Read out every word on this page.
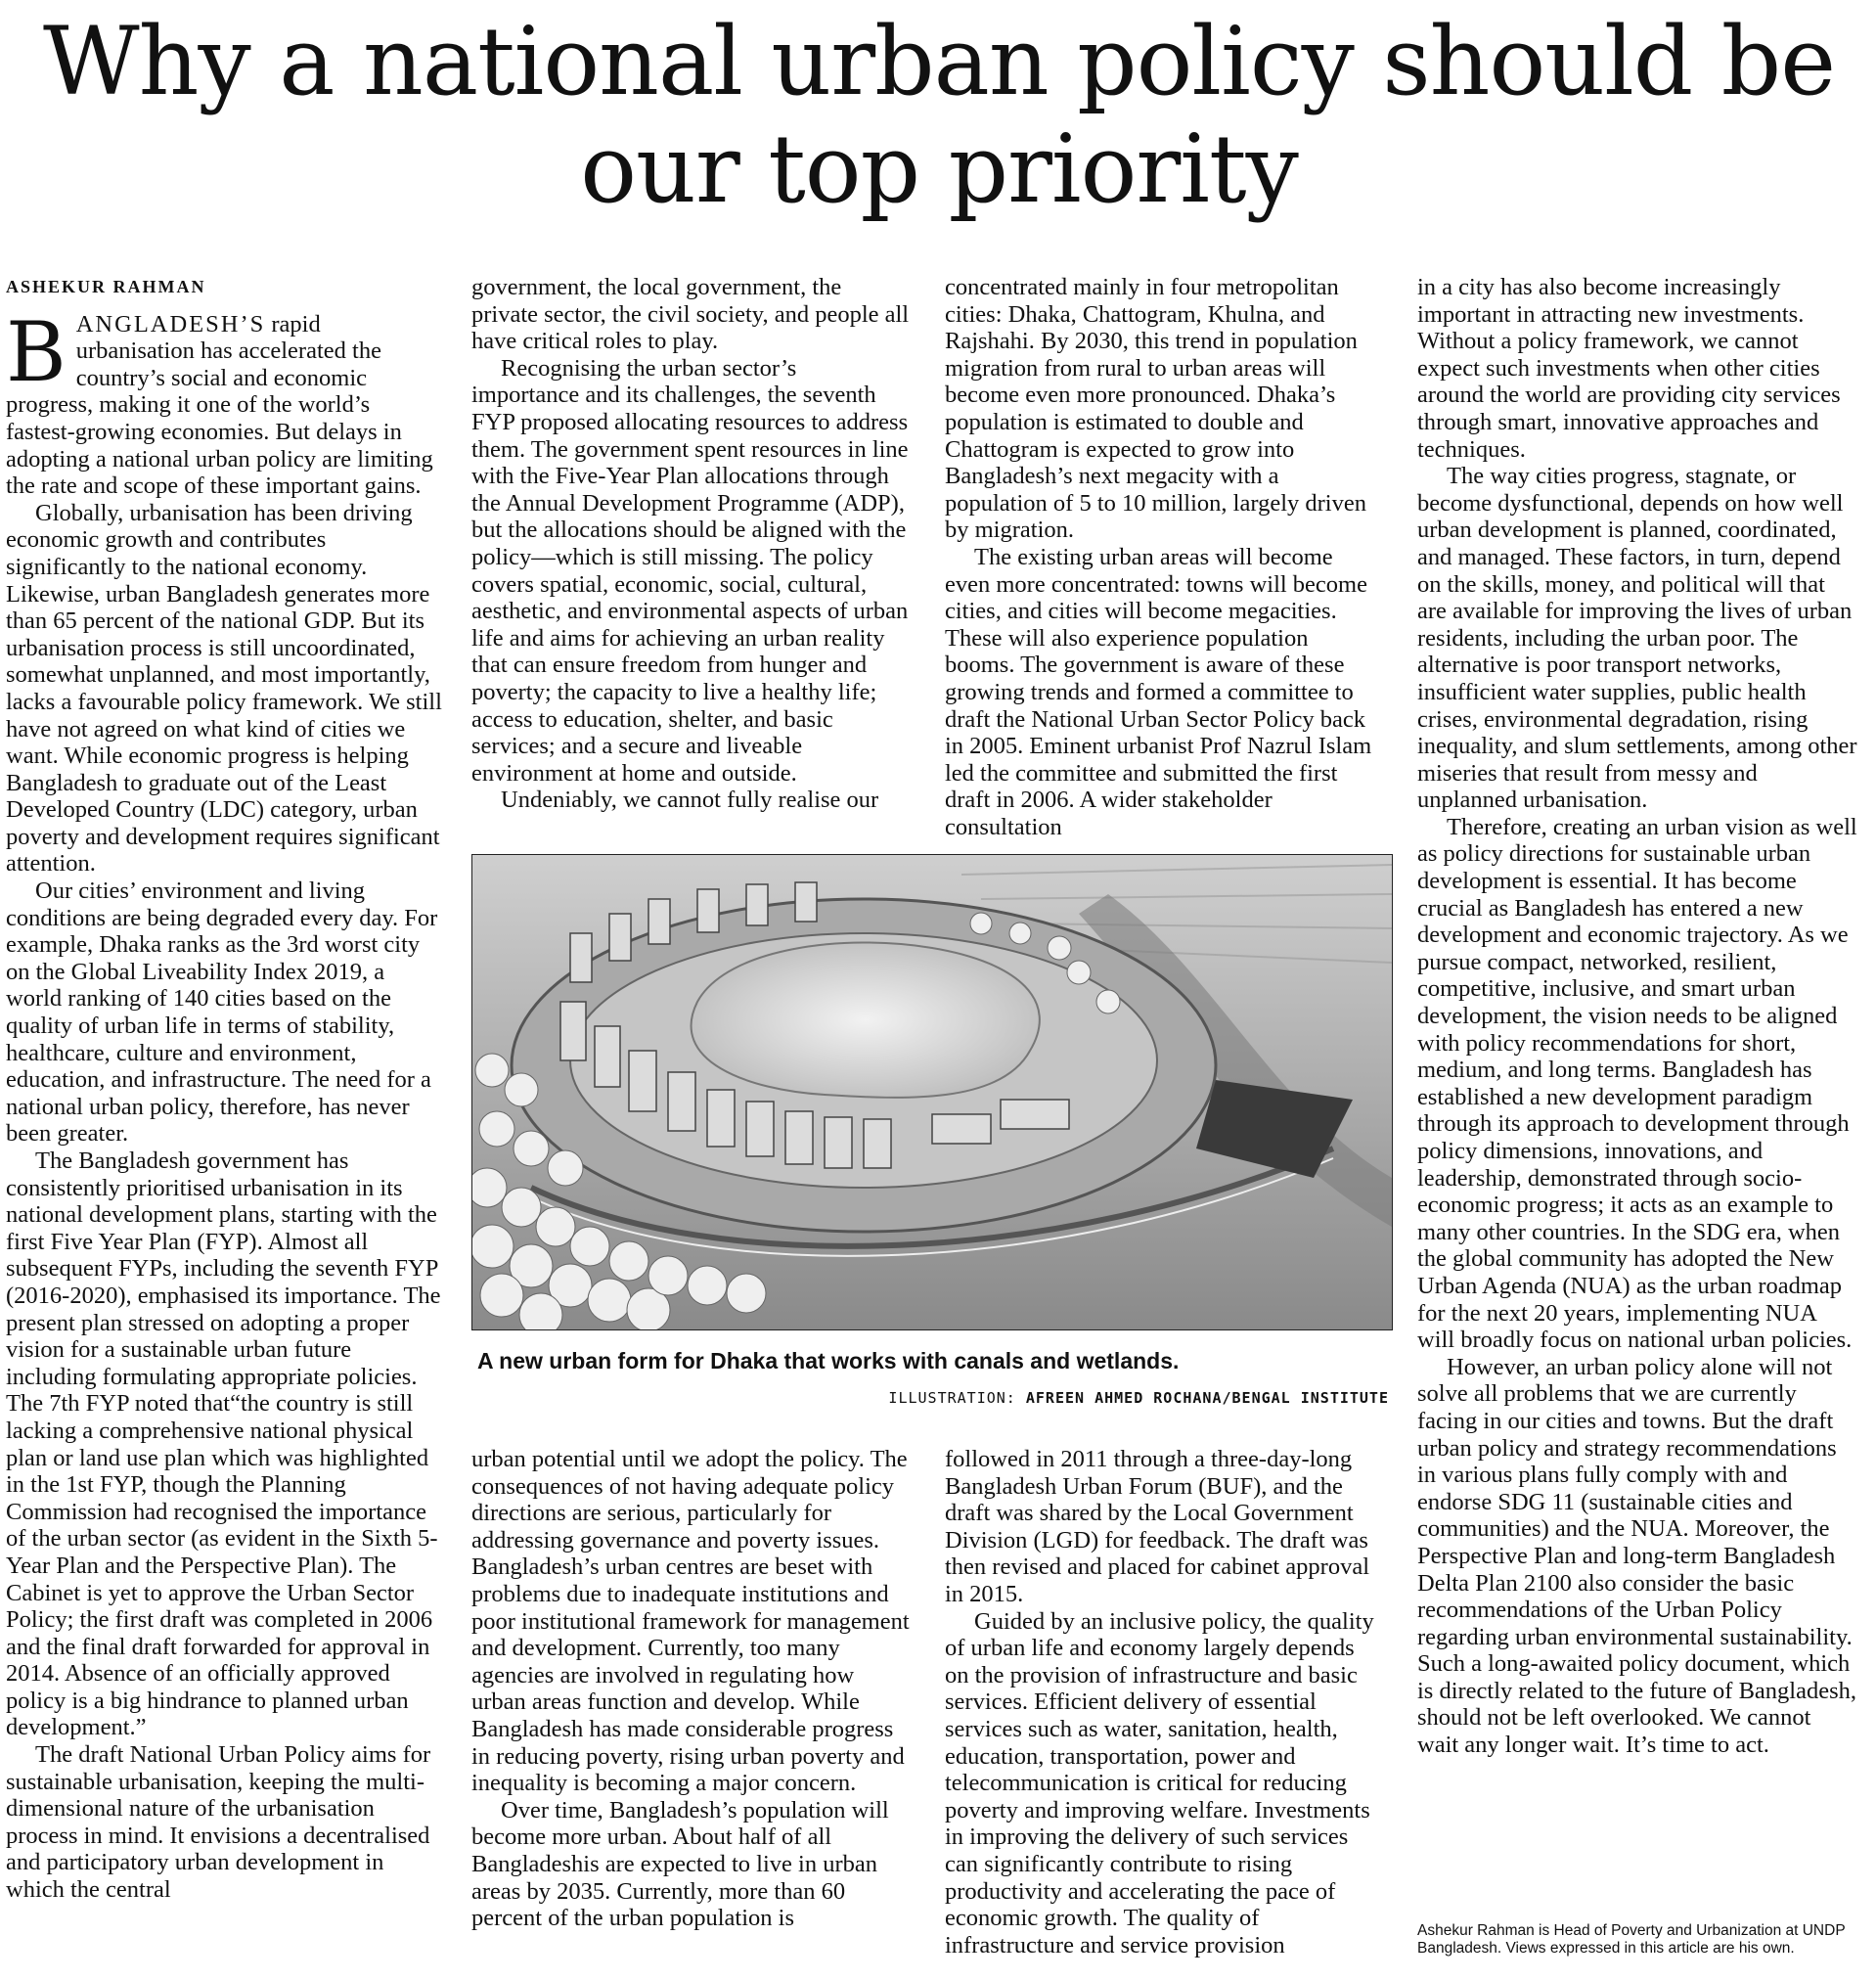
Why a national urban policy should be our top priority
ASHEKUR RAHMAN

BANGLADESH’S rapid urbanisation has accelerated the country’s social and economic progress, making it one of the world’s fastest-growing economies. But delays in adopting a national urban policy are limiting the rate and scope of these important gains.

Globally, urbanisation has been driving economic growth and contributes significantly to the national economy. Likewise, urban Bangladesh generates more than 65 percent of the national GDP. But its urbanisation process is still uncoordinated, somewhat unplanned, and most importantly, lacks a favourable policy framework. We still have not agreed on what kind of cities we want. While economic progress is helping Bangladesh to graduate out of the Least Developed Country (LDC) category, urban poverty and development requires significant attention.

Our cities’ environment and living conditions are being degraded every day. For example, Dhaka ranks as the 3rd worst city on the Global Liveability Index 2019, a world ranking of 140 cities based on the quality of urban life in terms of stability, healthcare, culture and environment, education, and infrastructure. The need for a national urban policy, therefore, has never been greater.

The Bangladesh government has consistently prioritised urbanisation in its national development plans, starting with the first Five Year Plan (FYP). Almost all subsequent FYPs, including the seventh FYP (2016-2020), emphasised its importance. The present plan stressed on adopting a proper vision for a sustainable urban future including formulating appropriate policies. The 7th FYP noted that“the country is still lacking a comprehensive national physical plan or land use plan which was highlighted in the 1st FYP, though the Planning Commission had recognised the importance of the urban sector (as evident in the Sixth 5-Year Plan and the Perspective Plan). The Cabinet is yet to approve the Urban Sector Policy; the first draft was completed in 2006 and the final draft forwarded for approval in 2014. Absence of an officially approved policy is a big hindrance to planned urban development.”

The draft National Urban Policy aims for sustainable urbanisation, keeping the multi-dimensional nature of the urbanisation process in mind. It envisions a decentralised and participatory urban development in which the central

government, the local government, the private sector, the civil society, and people all have critical roles to play.

Recognising the urban sector’s importance and its challenges, the seventh FYP proposed allocating resources to address them. The government spent resources in line with the Five-Year Plan allocations through the Annual Development Programme (ADP), but the allocations should be aligned with the policy—which is still missing. The policy covers spatial, economic, social, cultural, aesthetic, and environmental aspects of urban life and aims for achieving an urban reality that can ensure freedom from hunger and poverty; the capacity to live a healthy life; access to education, shelter, and basic services; and a secure and liveable environment at home and outside.

Undeniably, we cannot fully realise our

concentrated mainly in four metropolitan cities: Dhaka, Chattogram, Khulna, and Rajshahi. By 2030, this trend in population migration from rural to urban areas will become even more pronounced. Dhaka’s population is estimated to double and Chattogram is expected to grow into Bangladesh’s next megacity with a population of 5 to 10 million, largely driven by migration.

The existing urban areas will become even more concentrated: towns will become cities, and cities will become megacities. These will also experience population booms. The government is aware of these growing trends and formed a committee to draft the National Urban Sector Policy back in 2005. Eminent urbanist Prof Nazrul Islam led the committee and submitted the first draft in 2006. A wider stakeholder consultation

in a city has also become increasingly important in attracting new investments. Without a policy framework, we cannot expect such investments when other cities around the world are providing city services through smart, innovative approaches and techniques.

The way cities progress, stagnate, or become dysfunctional, depends on how well urban development is planned, coordinated, and managed. These factors, in turn, depend on the skills, money, and political will that are available for improving the lives of urban residents, including the urban poor. The alternative is poor transport networks, insufficient water supplies, public health crises, environmental degradation, rising inequality, and slum settlements, among other miseries that result from messy and unplanned urbanisation.

Therefore, creating an urban vision as well as policy directions for sustainable urban development is essential. It has become crucial as Bangladesh has entered a new development and economic trajectory. As we pursue compact, networked, resilient, competitive, inclusive, and smart urban development, the vision needs to be aligned with policy recommendations for short, medium, and long terms. Bangladesh has established a new development paradigm through its approach to development through policy dimensions, innovations, and leadership, demonstrated through socio-economic progress; it acts as an example to many other countries. In the SDG era, when the global community has adopted the New Urban Agenda (NUA) as the urban roadmap for the next 20 years, implementing NUA will broadly focus on national urban policies.

However, an urban policy alone will not solve all problems that we are currently facing in our cities and towns. But the draft urban policy and strategy recommendations in various plans fully comply with and endorse SDG 11 (sustainable cities and communities) and the NUA. Moreover, the Perspective Plan and long-term Bangladesh Delta Plan 2100 also consider the basic recommendations of the Urban Policy regarding urban environmental sustainability. Such a long-awaited policy document, which is directly related to the future of Bangladesh, should not be left overlooked. We cannot wait any longer wait. It’s time to act.

A new urban form for Dhaka that works with canals and wetlands.
ILLUSTRATION: AFREEN AHMED ROCHANA/BENGAL INSTITUTE

urban potential until we adopt the policy. The consequences of not having adequate policy directions are serious, particularly for addressing governance and poverty issues. Bangladesh’s urban centres are beset with problems due to inadequate institutions and poor institutional framework for management and development. Currently, too many agencies are involved in regulating how urban areas function and develop. While Bangladesh has made considerable progress in reducing poverty, rising urban poverty and inequality is becoming a major concern.

Over time, Bangladesh’s population will become more urban. About half of all Bangladeshis are expected to live in urban areas by 2035. Currently, more than 60 percent of the urban population is

followed in 2011 through a three-day-long Bangladesh Urban Forum (BUF), and the draft was shared by the Local Government Division (LGD) for feedback. The draft was then revised and placed for cabinet approval in 2015.

Guided by an inclusive policy, the quality of urban life and economy largely depends on the provision of infrastructure and basic services. Efficient delivery of essential services such as water, sanitation, health, education, transportation, power and telecommunication is critical for reducing poverty and improving welfare. Investments in improving the delivery of such services can significantly contribute to rising productivity and accelerating the pace of economic growth. The quality of infrastructure and service provision

Ashekur Rahman is Head of Poverty and Urbanization at UNDP Bangladesh. Views expressed in this article are his own.
